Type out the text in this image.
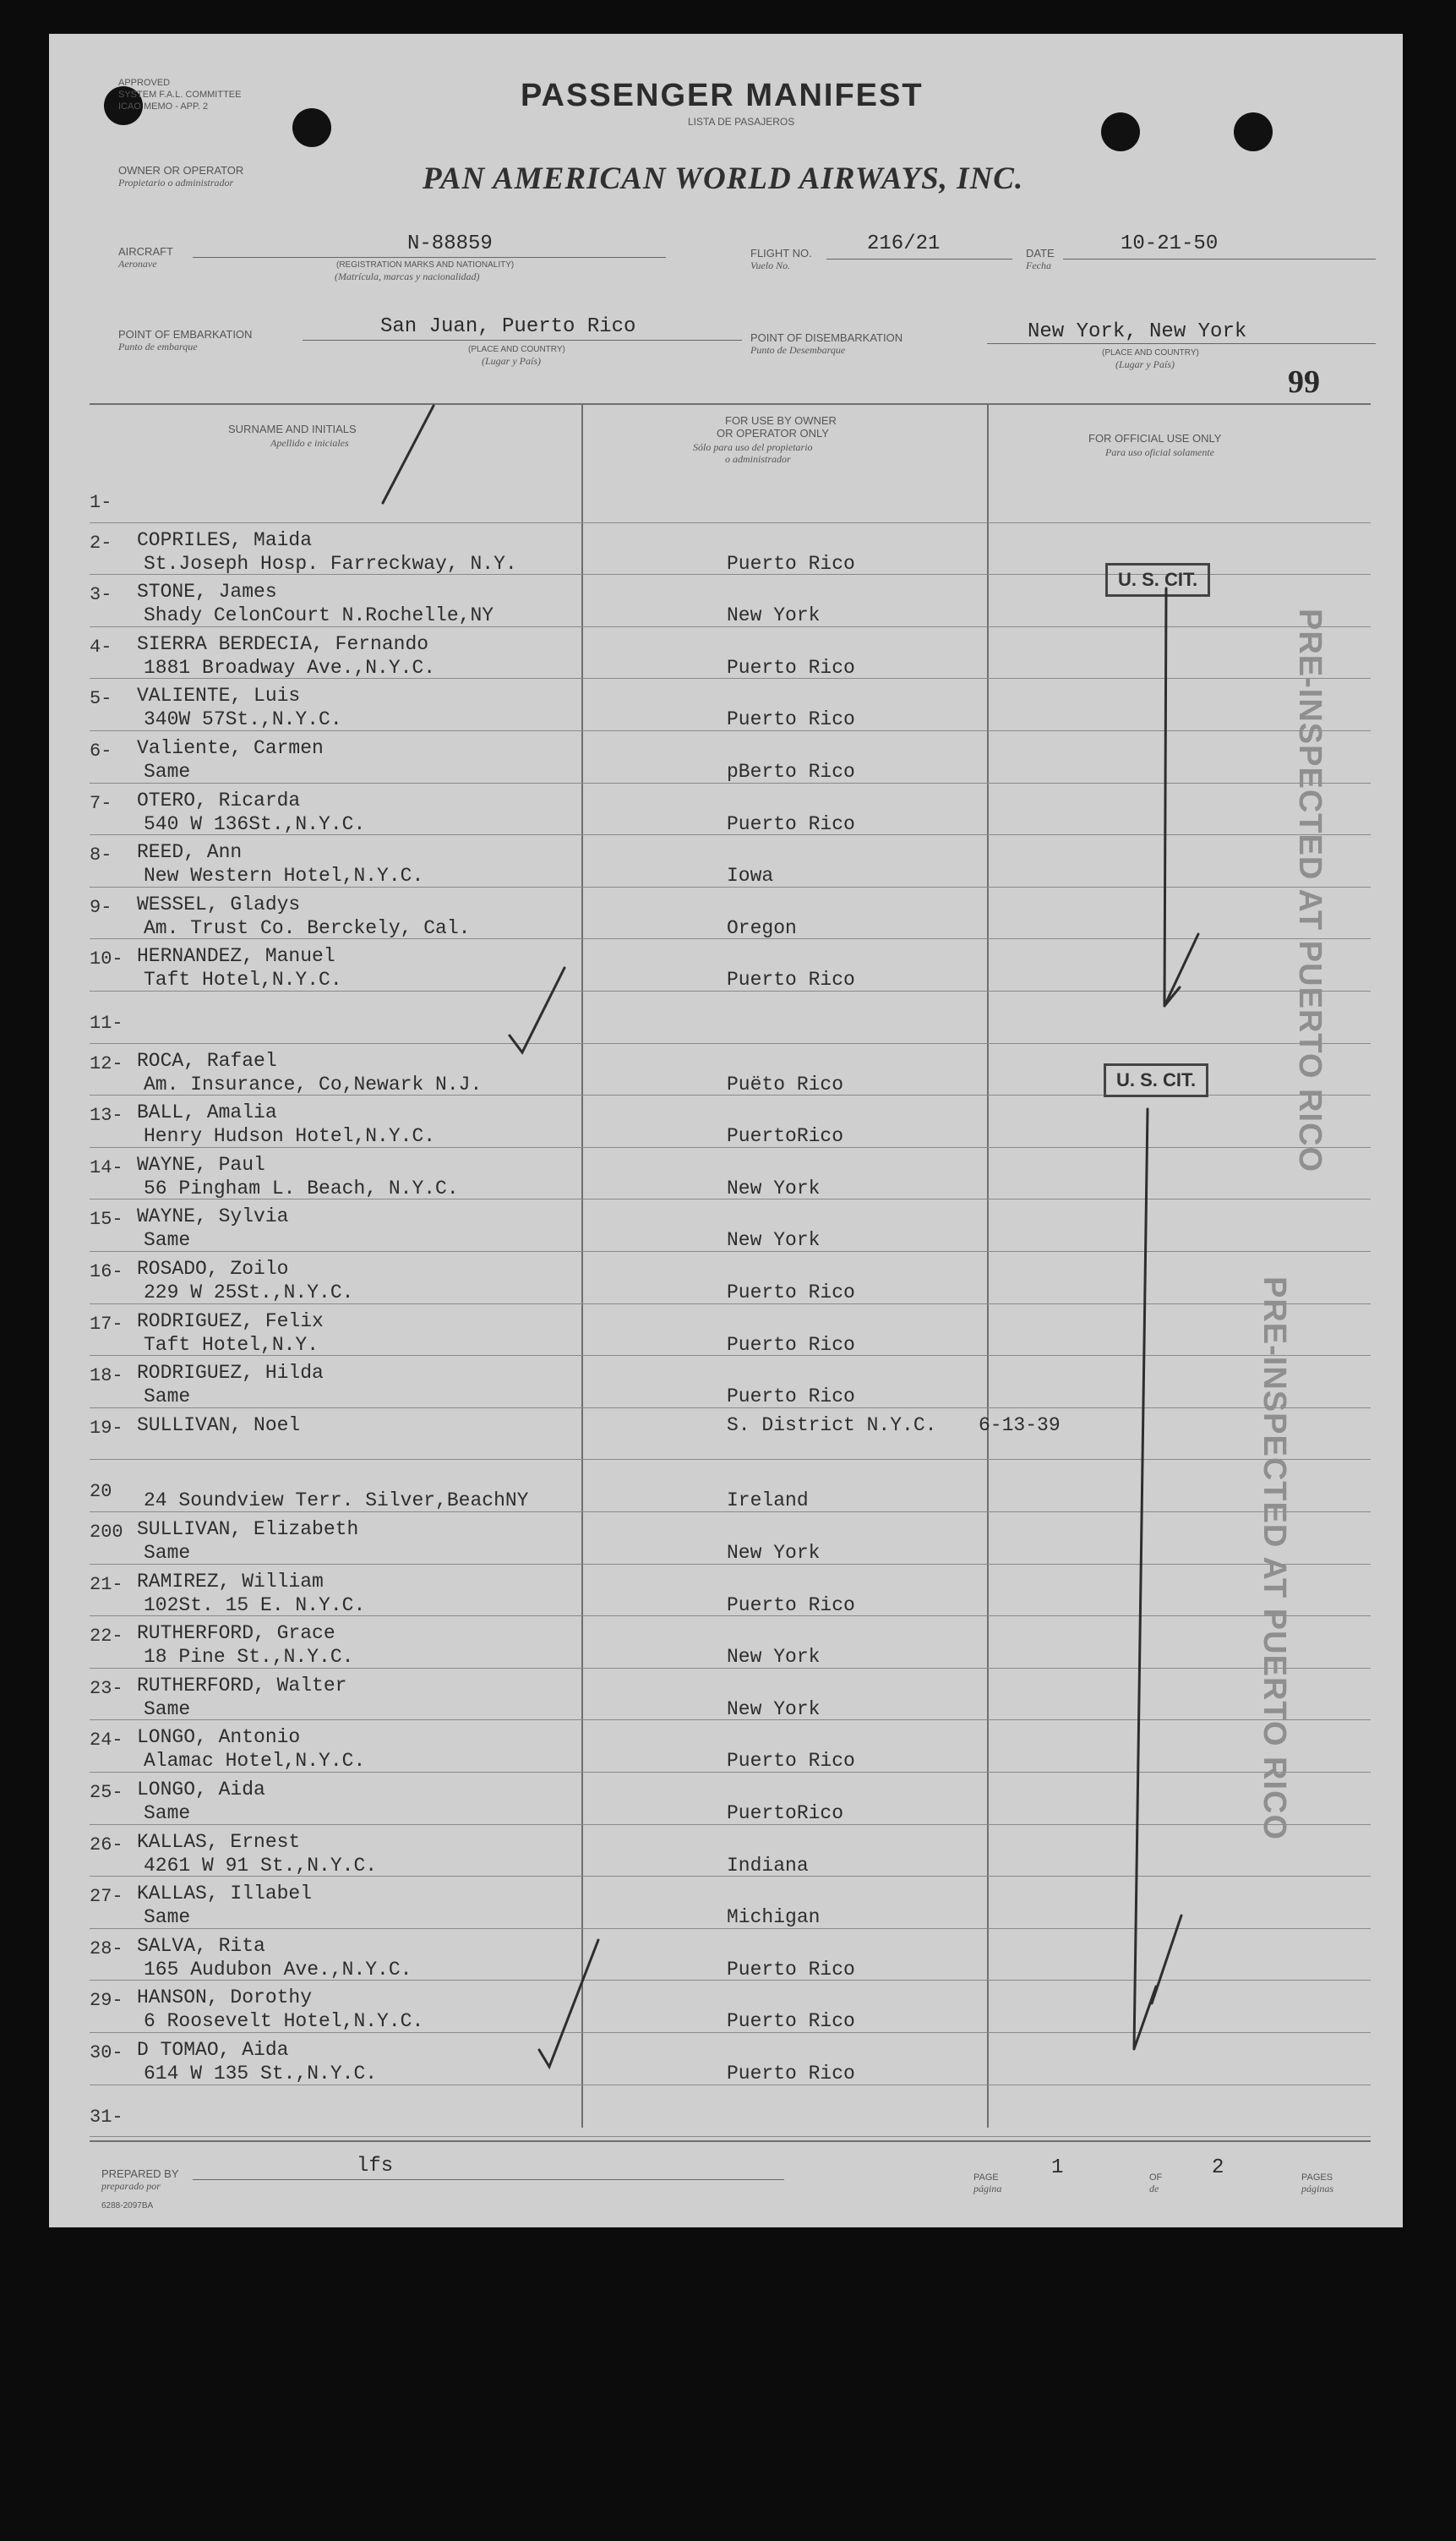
APPROVED
SYSTEM F.A.L. COMMITTEE
ICAO MEMO - APP. 2	PASSENGER MANIFEST
LISTA DE PASAJEROS
OWNER OR OPERATOR
Propietario o administrador	PAN AMERICAN WORLD AIRWAYS, INC.
AIRCRAFT
Aeronave
N-88859
(REGISTRATION MARKS AND NATIONALITY)
(Matrícula, marcas y nacionalidad)
FLIGHT NO.
Vuelo No.
216/21	DATE
Fecha
10-21-50
POINT OF EMBARKATION
Punto de embarque
San Juan, Puerto Rico
(PLACE AND COUNTRY)
(Lugar y País)
POINT OF DISEMBARKATION
Punto de Desembarque
New York, New York
(PLACE AND COUNTRY)
(Lugar y País)	99
SURNAME AND INITIALS
Apellido e iniciales
FOR USE BY OWNER
OR OPERATOR ONLY
Sólo para uso del propietario
o administrador
FOR OFFICIAL USE ONLY
Para uso oficial solamente
1-
2- COPRILES, Maida
St.Joseph Hosp. Farreckway, N.Y.	Puerto Rico
3- STONE, James
Shady CelonCourt N.Rochelle,NY	New York
4- SIERRA BERDECIA, Fernando
1881 Broadway Ave.,N.Y.C.	Puerto Rico
5- VALIENTE, Luis
340W 57St.,N.Y.C.	Puerto Rico
6- Valiente, Carmen
Same	pBerto Rico
7- OTERO, Ricarda
540 W 136St.,N.Y.C.	Puerto Rico
8- REED, Ann
New Western Hotel,N.Y.C.	Iowa
9- WESSEL, Gladys
Am. Trust Co. Berckely, Cal.	Oregon
10- HERNANDEZ, Manuel
Taft Hotel,N.Y.C.	Puerto Rico
11-
12- ROCA, Rafael
Am. Insurance, Co,Newark N.J.	Puëto Rico
13- BALL, Amalia
Henry Hudson Hotel,N.Y.C.	PuertoRico
14- WAYNE, Paul
56 Pingham L. Beach, N.Y.C.	New York
15- WAYNE, Sylvia
Same	New York
16- ROSADO, Zoilo
229 W 25St.,N.Y.C.	Puerto Rico
17- RODRIGUEZ, Felix
Taft Hotel,N.Y.	Puerto Rico
18- RODRIGUEZ, Hilda
Same	Puerto Rico
19- SULLIVAN, Noel	S. District N.Y.C. 6-13-39
20 24 Soundview Terr. Silver,BeachNY	Ireland
200 SULLIVAN, Elizabeth
Same	New York
21- RAMIREZ, William
102St. 15 E. N.Y.C.	Puerto Rico
22- RUTHERFORD, Grace
18 Pine St.,N.Y.C.	New York
23- RUTHERFORD, Walter
Same	New York
24- LONGO, Antonio
Alamac Hotel,N.Y.C.	Puerto Rico
25- LONGO, Aida
Same	PuertoRico
26- KALLAS, Ernest
4261 W 91 St.,N.Y.C.	Indiana
27- KALLAS, Illabel
Same	Michigan
28- SALVA, Rita
165 Audubon Ave.,N.Y.C.	Puerto Rico
29- HANSON, Dorothy
6 Roosevelt Hotel,N.Y.C.	Puerto Rico
30- D TOMAO, Aida
614 W 135 St.,N.Y.C.	Puerto Rico
31-
U. S. CIT.
U. S. CIT.	PRE-INSPECTED AT PUERTO RICO
PRE-INSPECTED AT PUERTO RICO
PREPARED BY
preparado por
lfs	PAGE
página
1	OF
de
2	PAGES
páginas
6288-2097BA
